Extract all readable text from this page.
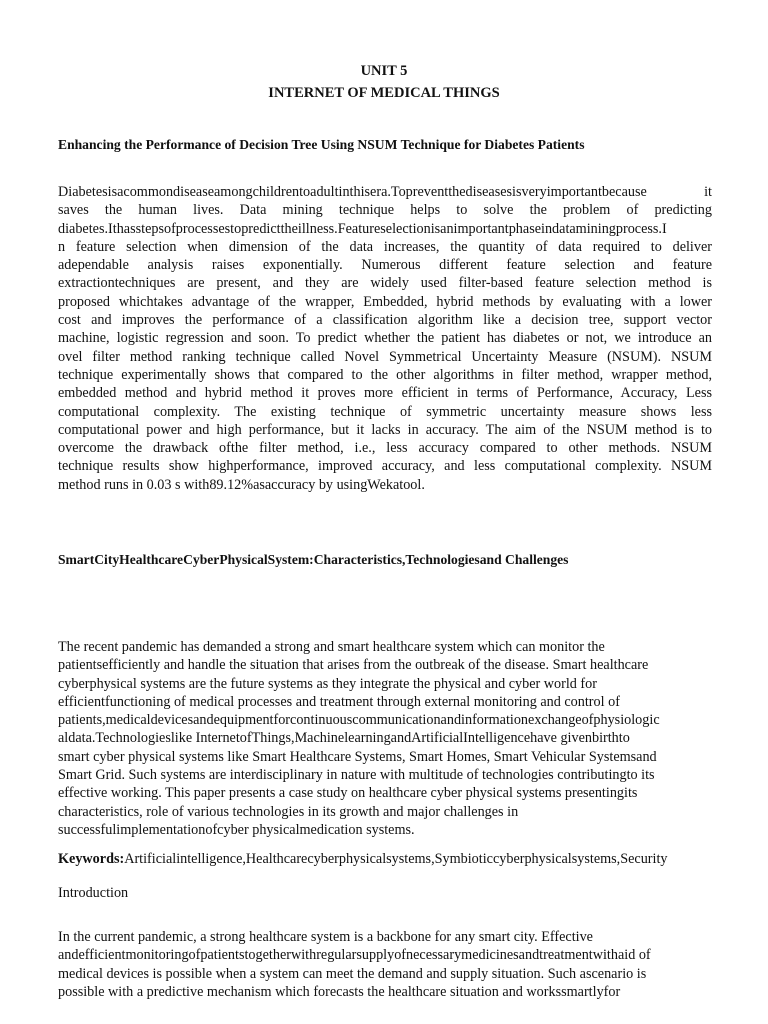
UNIT 5
INTERNET OF MEDICAL THINGS
Enhancing the Performance of Decision Tree Using NSUM Technique for Diabetes Patients
Diabetesisacommondiseaseamongchildrentoadultinthisera.Topreventthediseasesisveryimportantbecause it
saves the human lives. Data mining technique helps to solve the problem of predicting
diabetes.Ithasstepsofprocessestopredicttheillness.Featureselectionisanimportantphaseindataminingprocess.I
n feature selection when dimension of the data increases, the quantity of data required to deliver
adependable analysis raises exponentially. Numerous different feature selection and feature
extractiontechniques are present, and they are widely used filter-based feature selection method is
proposed whichtakes advantage of the wrapper, Embedded, hybrid methods by evaluating with a lower
cost and improves the performance of a classification algorithm like a decision tree, support vector
machine, logistic regression and soon. To predict whether the patient has diabetes or not, we introduce an
ovel filter method ranking technique called Novel Symmetrical Uncertainty Measure (NSUM). NSUM
technique experimentally shows that compared to the other algorithms in filter method, wrapper method,
embedded method and hybrid method it proves more efficient in terms of Performance, Accuracy, Less
computational complexity. The existing technique of symmetric uncertainty measure shows less
computational power and high performance, but it lacks in accuracy. The aim of the NSUM method is to
overcome the drawback ofthe filter method, i.e., less accuracy compared to other methods. NSUM
technique results show highperformance, improved accuracy, and less computational complexity. NSUM
method runs in 0.03 s with89.12%asaccuracy by usingWekatool.
SmartCityHealthcareCyberPhysicalSystem:Characteristics,Technologiesand Challenges
The recent pandemic has demanded a strong and smart healthcare system which can monitor the
patientsefficiently and handle the situation that arises from the outbreak of the disease. Smart healthcare
cyberphysical systems are the future systems as they integrate the physical and cyber world for
efficientfunctioning of medical processes and treatment through external monitoring and control of
patients,medicaldevicesandequipmentforcontinuouscommunicationandinformationexchangeofphysiologic
aldata.Technologieslike InternetofThings,MachinelearningandArtificialIntelligencehave givenbirthto
smart cyber physical systems like Smart Healthcare Systems, Smart Homes, Smart Vehicular Systemsand
Smart Grid. Such systems are interdisciplinary in nature with multitude of technologies contributingto its
effective working. This paper presents a case study on healthcare cyber physical systems presentingits
characteristics, role of various technologies in its growth and major challenges in
successfulimplementationofcyber physicalmedication systems.
Keywords:Artificialintelligence,Healthcarecyberphysicalsystems,Symbioticcyberphysicalsystems,Security
Introduction
In the current pandemic, a strong healthcare system is a backbone for any smart city. Effective
andefficientmonitoringofpatientstogetherwithregularsupplyofnecessarymedicinesandtreatmentwithaid of
medical devices is possible when a system can meet the demand and supply situation. Such ascenario is
possible with a predictive mechanism which forecasts the healthcare situation and workssmartlyfor
